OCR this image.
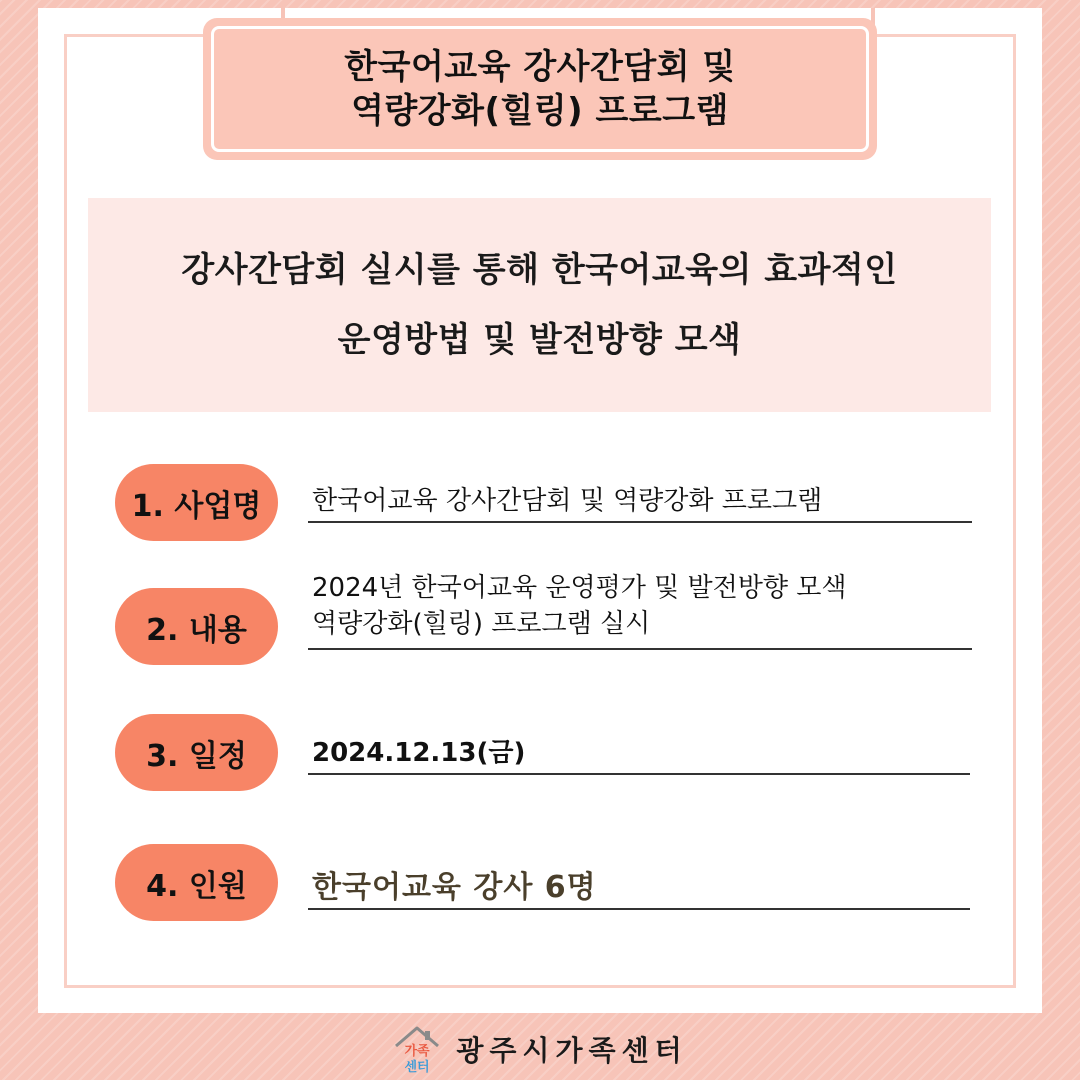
한국어교육 강사간담회 및
역량강화(힐링) 프로그램
강사간담회 실시를 통해 한국어교육의 효과적인
운영방법 및 발전방향 모색
1. 사업명	한국어교육 강사간담회 및 역량강화 프로그램
2. 내용
2024년 한국어교육 운영평가 및 발전방향 모색
역량강화(힐링) 프로그램 실시
3. 일정	2024.12.13(금)
4. 인원	한국어교육 강사 6명
가족
센터
광주시가족센터
